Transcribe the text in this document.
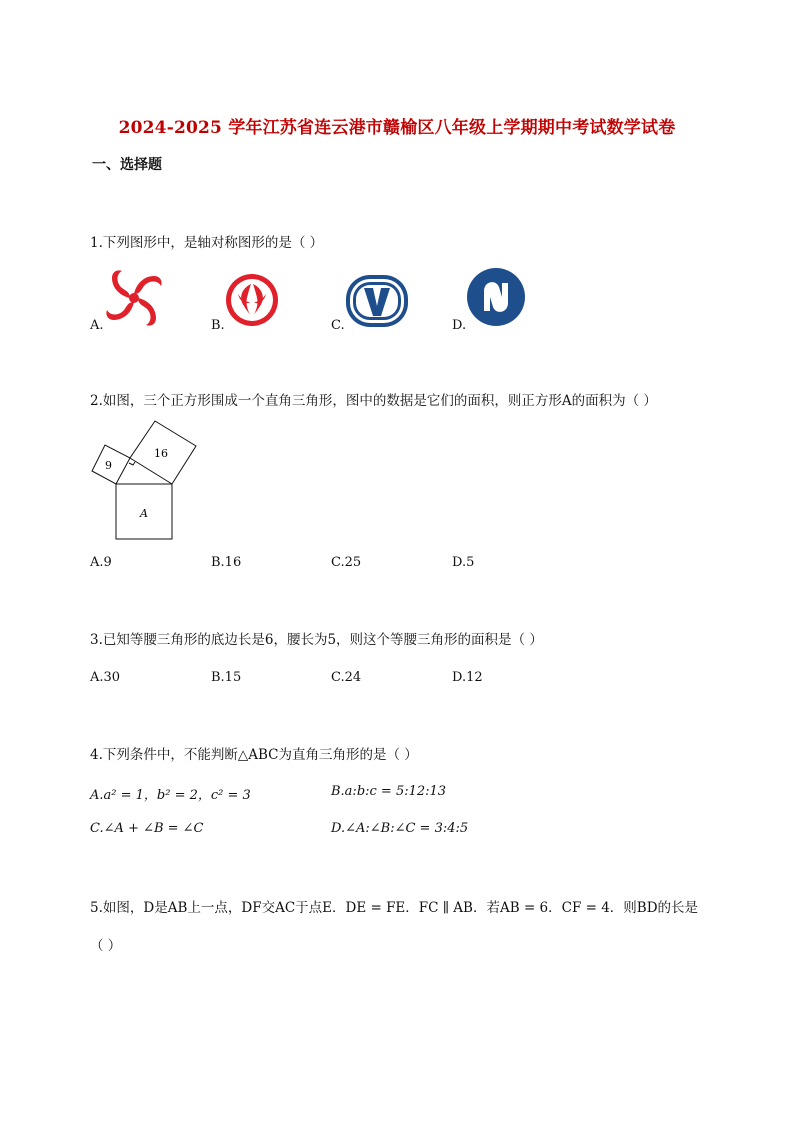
2024-2025 学年江苏省连云港市赣榆区八年级上学期期中考试数学试卷
一、选择题
1.下列图形中，是轴对称图形的是（ ）
A.	B.	C.	D.
2.如图，三个正方形围成一个直角三角形，图中的数据是它们的面积，则正方形A的面积为（ ）
9
16
A
A.9	B.16	C.25	D.5
3.已知等腰三角形的底边长是6，腰长为5，则这个等腰三角形的面积是（ ）
A.30	B.15	C.24	D.12
4.下列条件中，不能判断△ABC为直角三角形的是（ ）
A.a² = 1，b² = 2，c² = 3	B.a:b:c = 5:12:13
C.∠A + ∠B = ∠C	D.∠A:∠B:∠C = 3:4:5
5.如图，D是AB上一点，DF交AC于点E．DE = FE．FC ∥ AB．若AB = 6．CF = 4．则BD的长是
（ ）
